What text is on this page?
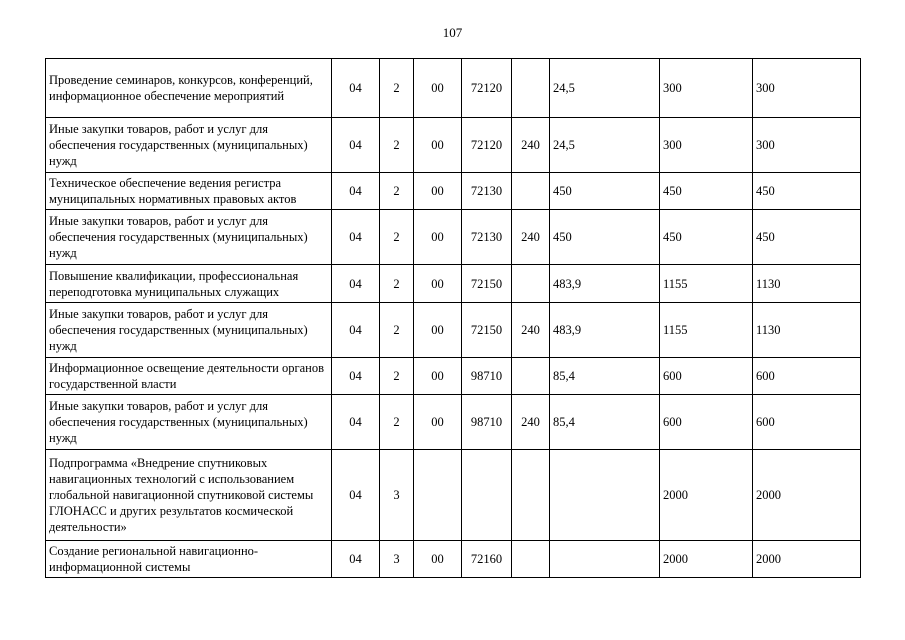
107
Проведение семинаров, конкурсов, конференций, информационное обеспечение мероприятий	04	2	00	72120		24,5	300	300
Иные закупки товаров, работ и услуг для обеспечения государственных (муниципальных) нужд	04	2	00	72120	240	24,5	300	300
Техническое обеспечение ведения регистра муниципальных нормативных правовых актов	04	2	00	72130		450	450	450
Иные закупки товаров, работ и услуг для обеспечения государственных (муниципальных) нужд	04	2	00	72130	240	450	450	450
Повышение квалификации, профессиональная переподготовка муниципальных служащих	04	2	00	72150		483,9	1155	1130
Иные закупки товаров, работ и услуг для обеспечения государственных (муниципальных) нужд	04	2	00	72150	240	483,9	1155	1130
Информационное освещение деятельности органов государственной власти	04	2	00	98710		85,4	600	600
Иные закупки товаров, работ и услуг для обеспечения государственных (муниципальных) нужд	04	2	00	98710	240	85,4	600	600
Подпрограмма «Внедрение спутниковых навигационных технологий с использованием глобальной навигационной спутниковой системы ГЛОНАСС и других результатов космической деятельности»	04	3					2000	2000
Создание региональной навигационно-информационной системы	04	3	00	72160			2000	2000
